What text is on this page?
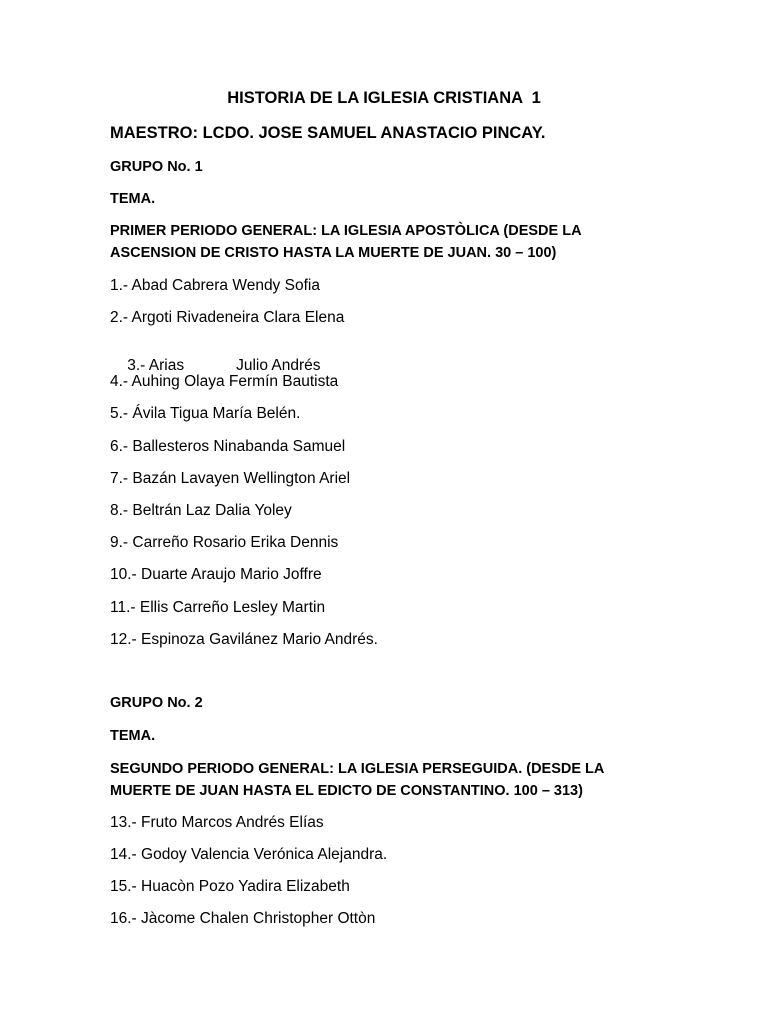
HISTORIA DE LA IGLESIA CRISTIANA  1
MAESTRO: LCDO. JOSE SAMUEL ANASTACIO PINCAY.
GRUPO No. 1
TEMA.
PRIMER PERIODO GENERAL: LA IGLESIA APOSTÒLICA (DESDE LA
ASCENSION DE CRISTO HASTA LA MUERTE DE JUAN. 30 – 100)
1.- Abad Cabrera Wendy Sofia
2.- Argoti Rivadeneira Clara Elena

3.- Arias	Julio Andrés

4.- Auhing Olaya Fermín Bautista
5.- Ávila Tigua María Belén.
6.- Ballesteros Ninabanda Samuel
7.- Bazán Lavayen Wellington Ariel
8.- Beltrán Laz Dalia Yoley
9.- Carreño Rosario Erika Dennis
10.- Duarte Araujo Mario Joffre
11.- Ellis Carreño Lesley Martin
12.- Espinoza Gavilánez Mario Andrés.
GRUPO No. 2
TEMA.
SEGUNDO PERIODO GENERAL: LA IGLESIA PERSEGUIDA. (DESDE LA
MUERTE DE JUAN HASTA EL EDICTO DE CONSTANTINO. 100 – 313)
13.- Fruto Marcos Andrés Elías
14.- Godoy Valencia Verónica Alejandra.
15.- Huacòn Pozo Yadira Elizabeth
16.- Jàcome Chalen Christopher Ottòn
